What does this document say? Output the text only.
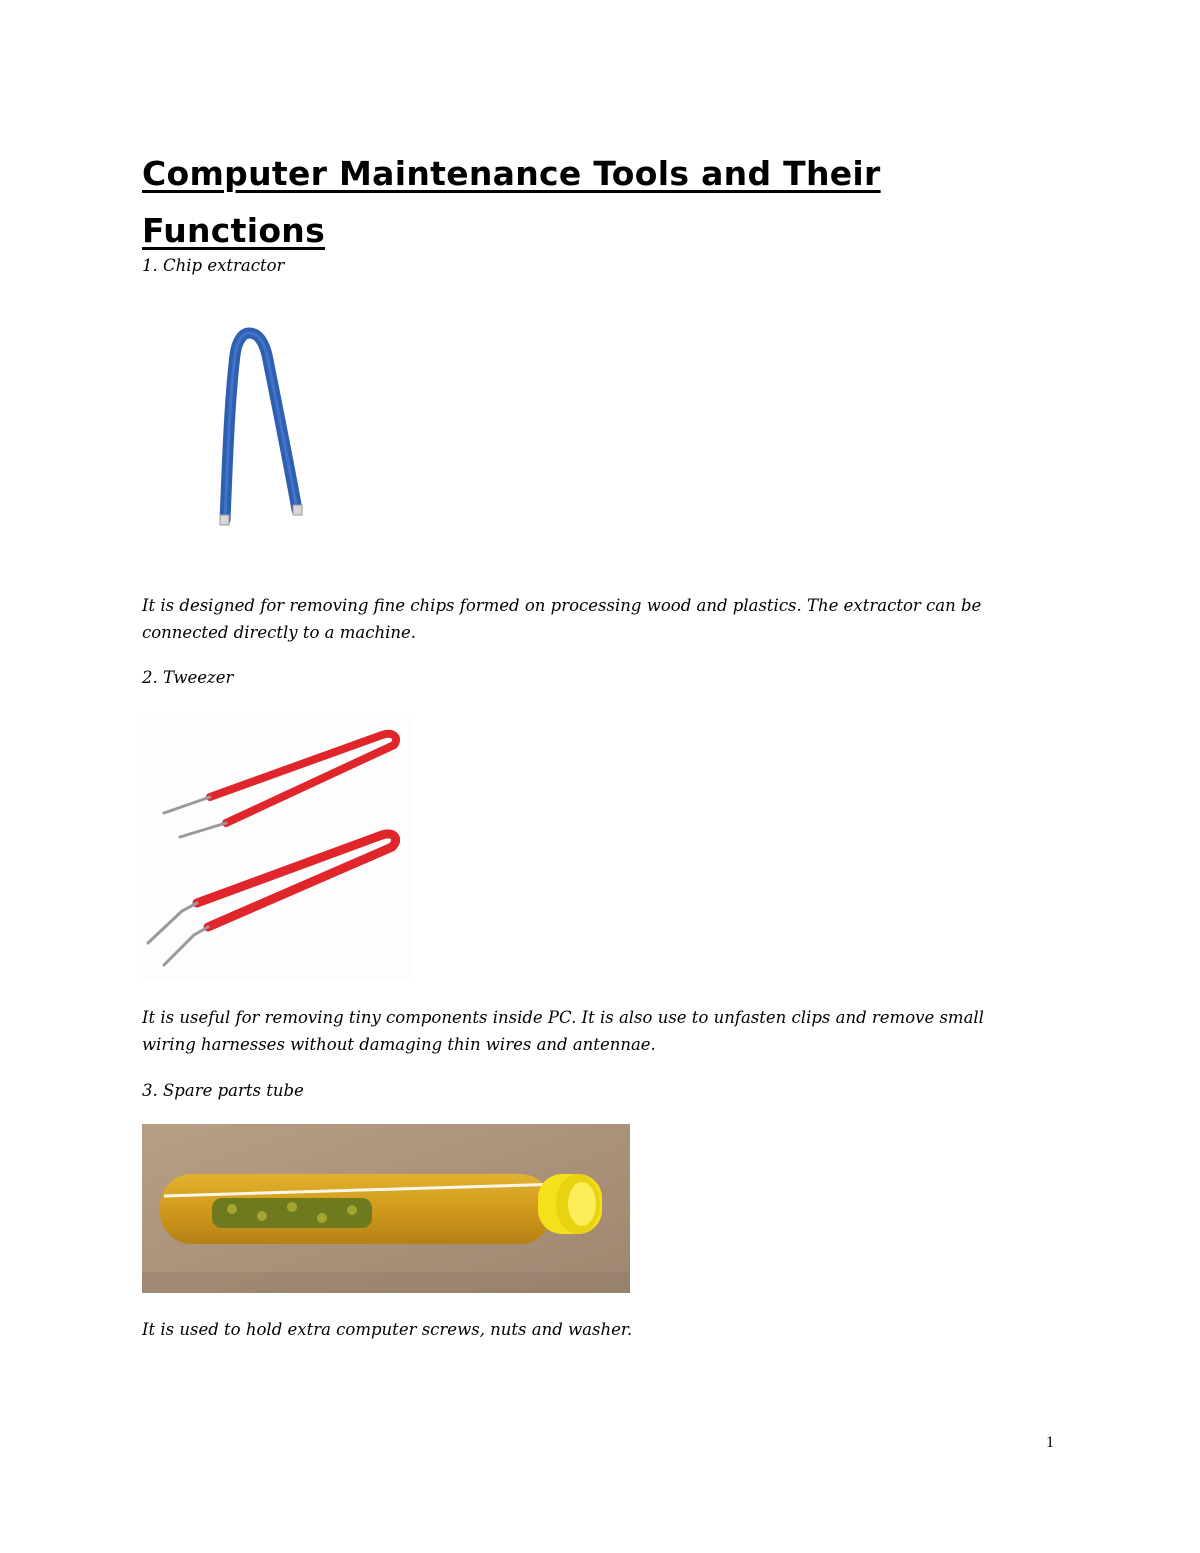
Computer Maintenance Tools and Their Functions

1. Chip extractor

It is designed for removing fine chips formed on processing wood and plastics. The extractor can be connected directly to a machine.

2. Tweezer

It is useful for removing tiny components inside PC. It is also use to unfasten clips and remove small wiring harnesses without damaging thin wires and antennae.

3. Spare parts tube

It is used to hold extra computer screws, nuts and washer.

1
